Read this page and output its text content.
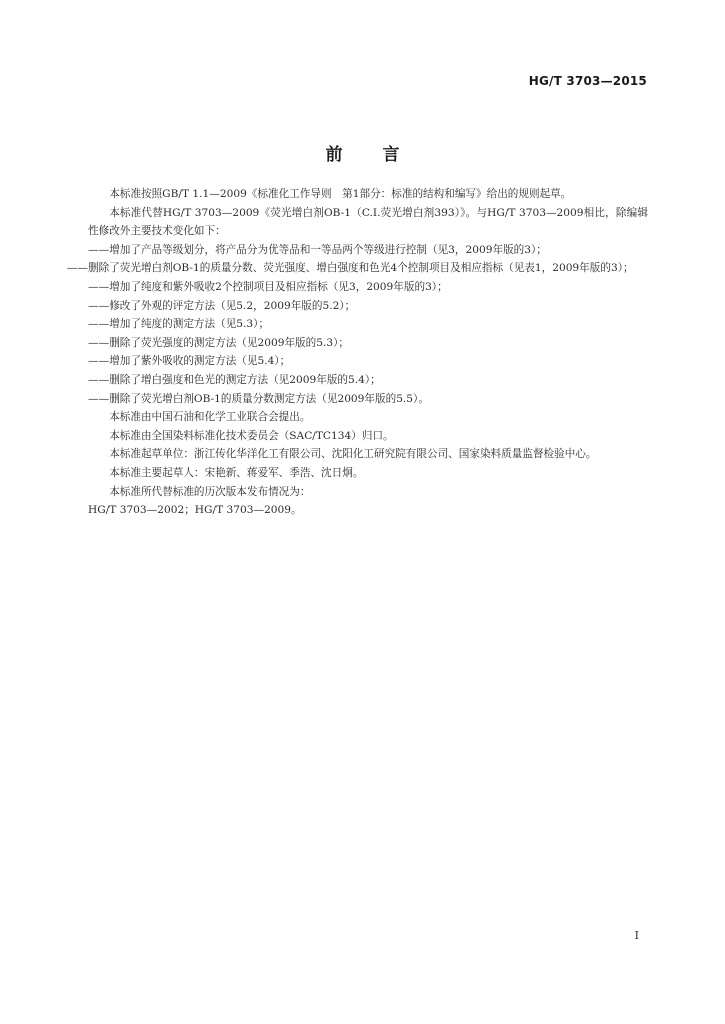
HG/T 3703—2015
前言

本标准按照GB/T 1.1—2009《标准化工作导则　第1部分：标准的结构和编写》给出的规则起草。

本标准代替HG/T 3703—2009《荧光增白剂OB-1（C.I.荧光增白剂393）》。与HG/T 3703—2009相比，除编辑性修改外主要技术变化如下：

——增加了产品等级划分，将产品分为优等品和一等品两个等级进行控制（见3，2009年版的3）；

——删除了荧光增白剂OB-1的质量分数、荧光强度、增白强度和色光4个控制项目及相应指标（见表1，2009年版的3）；

——增加了纯度和紫外吸收2个控制项目及相应指标（见3，2009年版的3）；

——修改了外观的评定方法（见5.2，2009年版的5.2）；

——增加了纯度的测定方法（见5.3）；

——删除了荧光强度的测定方法（见2009年版的5.3）；

——增加了紫外吸收的测定方法（见5.4）；

——删除了增白强度和色光的测定方法（见2009年版的5.4）；

——删除了荧光增白剂OB-1的质量分数测定方法（见2009年版的5.5）。

本标准由中国石油和化学工业联合会提出。

本标准由全国染料标准化技术委员会（SAC/TC134）归口。

本标准起草单位：浙江传化华洋化工有限公司、沈阳化工研究院有限公司、国家染料质量监督检验中心。

本标准主要起草人：宋艳新、蒋爱军、季浩、沈日炯。

本标准所代替标准的历次版本发布情况为：

HG/T 3703—2002；HG/T 3703—2009。

I
